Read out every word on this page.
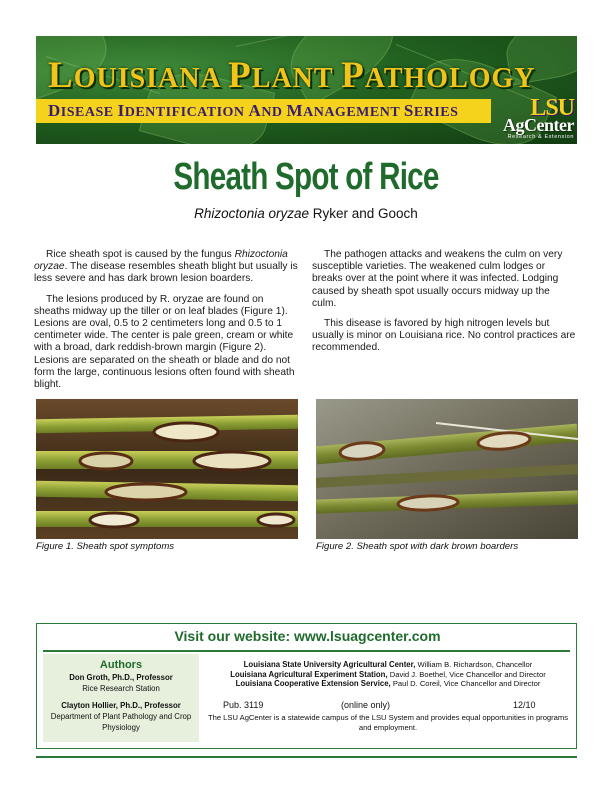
LOUISIANA PLANT PATHOLOGY
DISEASE IDENTIFICATION AND MANAGEMENT SERIES	LSU
AgCenter
Research & Extension
Sheath Spot of Rice
Rhizoctonia oryzae Ryker and Gooch

Rice sheath spot is caused by the fungus Rhizoctonia oryzae. The disease resembles sheath blight but usually is less severe and has dark brown lesion boarders.

The lesions produced by R. oryzae are found on sheaths midway up the tiller or on leaf blades (Figure 1). Lesions are oval, 0.5 to 2 centimeters long and 0.5 to 1 centimeter wide. The center is pale green, cream or white with a broad, dark reddish-brown margin (Figure 2). Lesions are separated on the sheath or blade and do not form the large, continuous lesions often found with sheath blight.

The pathogen attacks and weakens the culm on very susceptible varieties. The weakened culm lodges or breaks over at the point where it was infected. Lodging caused by sheath spot usually occurs midway up the culm.

This disease is favored by high nitrogen levels but usually is minor on Louisiana rice. No control practices are recommended.

Figure 1. Sheath spot symptoms	Figure 2. Sheath spot with dark brown boarders
Visit our website: www.lsuagcenter.com
Authors
Don Groth, Ph.D., Professor
Rice Research Station
Clayton Hollier, Ph.D., Professor
Department of Plant Pathology and Crop Physiology
Louisiana State University Agricultural Center, William B. Richardson, Chancellor
Louisiana Agricultural Experiment Station, David J. Boethel, Vice Chancellor and Director
Louisiana Cooperative Extension Service, Paul D. Coreil, Vice Chancellor and Director
Pub. 3119	(online only)	12/10
The LSU AgCenter is a statewide campus of the LSU System and provides equal opportunities in programs and employment.
